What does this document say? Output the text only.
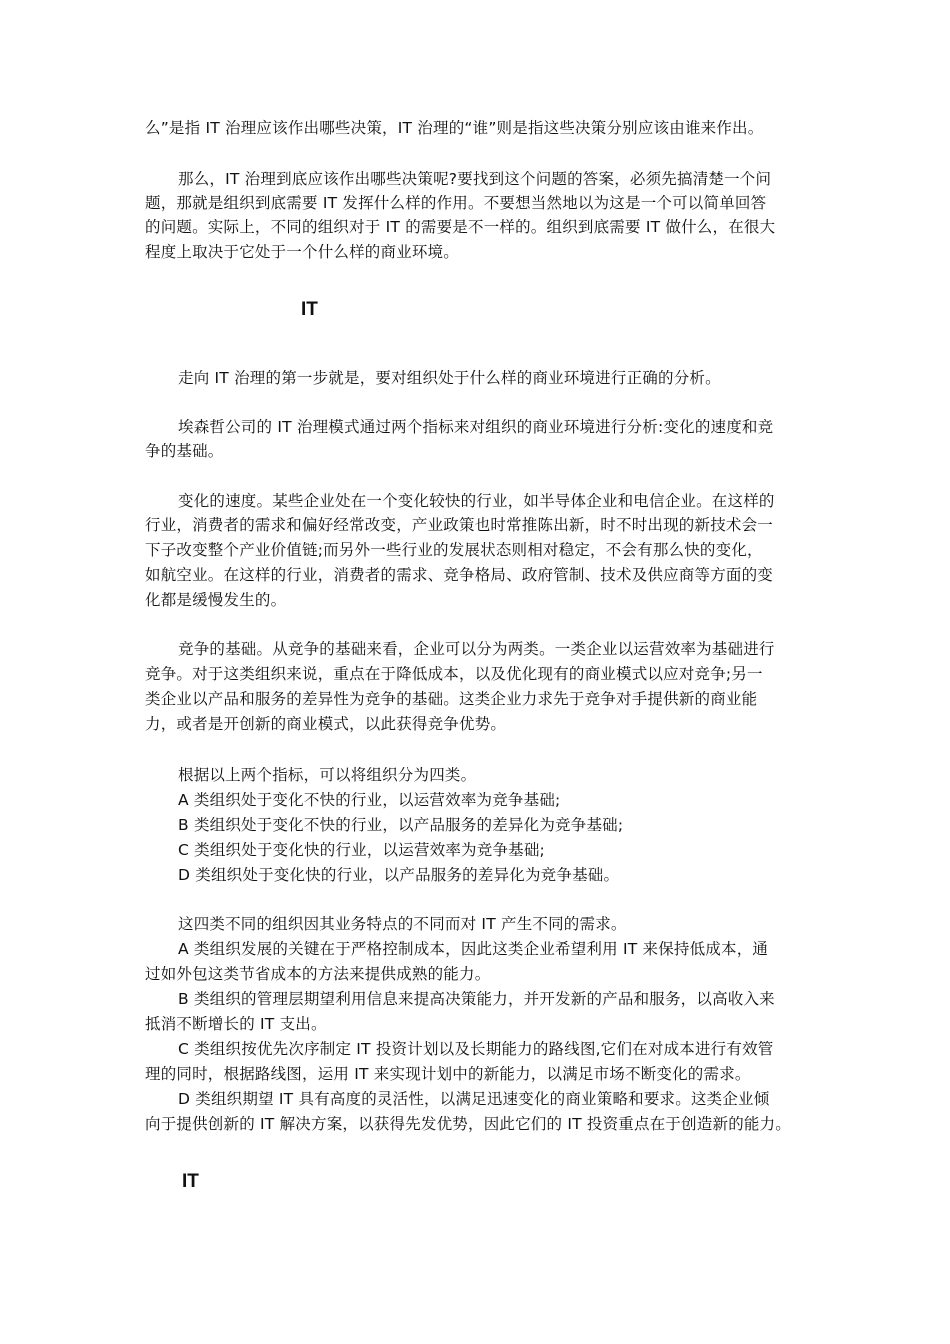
么”是指 IT 治理应该作出哪些决策，IT 治理的“谁”则是指这些决策分别应该由谁来作出。
那么，IT 治理到底应该作出哪些决策呢?要找到这个问题的答案，必须先搞清楚一个问
题，那就是组织到底需要 IT 发挥什么样的作用。不要想当然地以为这是一个可以简单回答
的问题。实际上，不同的组织对于 IT 的需要是不一样的。组织到底需要 IT 做什么，在很大
程度上取决于它处于一个什么样的商业环境。
IT
走向 IT 治理的第一步就是，要对组织处于什么样的商业环境进行正确的分析。
埃森哲公司的 IT 治理模式通过两个指标来对组织的商业环境进行分析:变化的速度和竞
争的基础。
变化的速度。某些企业处在一个变化较快的行业，如半导体企业和电信企业。在这样的
行业，消费者的需求和偏好经常改变，产业政策也时常推陈出新，时不时出现的新技术会一
下子改变整个产业价值链;而另外一些行业的发展状态则相对稳定，不会有那么快的变化，
如航空业。在这样的行业，消费者的需求、竞争格局、政府管制、技术及供应商等方面的变
化都是缓慢发生的。
竞争的基础。从竞争的基础来看，企业可以分为两类。一类企业以运营效率为基础进行
竞争。对于这类组织来说，重点在于降低成本，以及优化现有的商业模式以应对竞争;另一
类企业以产品和服务的差异性为竞争的基础。这类企业力求先于竞争对手提供新的商业能
力，或者是开创新的商业模式，以此获得竞争优势。
根据以上两个指标，可以将组织分为四类。
A 类组织处于变化不快的行业，以运营效率为竞争基础;
B 类组织处于变化不快的行业，以产品服务的差异化为竞争基础;
C 类组织处于变化快的行业，以运营效率为竞争基础;
D 类组织处于变化快的行业，以产品服务的差异化为竞争基础。
这四类不同的组织因其业务特点的不同而对 IT 产生不同的需求。
A 类组织发展的关键在于严格控制成本，因此这类企业希望利用 IT 来保持低成本，通
过如外包这类节省成本的方法来提供成熟的能力。
B 类组织的管理层期望利用信息来提高决策能力，并开发新的产品和服务，以高收入来
抵消不断增长的 IT 支出。
C 类组织按优先次序制定 IT 投资计划以及长期能力的路线图,它们在对成本进行有效管
理的同时，根据路线图，运用 IT 来实现计划中的新能力，以满足市场不断变化的需求。
D 类组织期望 IT 具有高度的灵活性，以满足迅速变化的商业策略和要求。这类企业倾
向于提供创新的 IT 解决方案，以获得先发优势，因此它们的 IT 投资重点在于创造新的能力。
IT
